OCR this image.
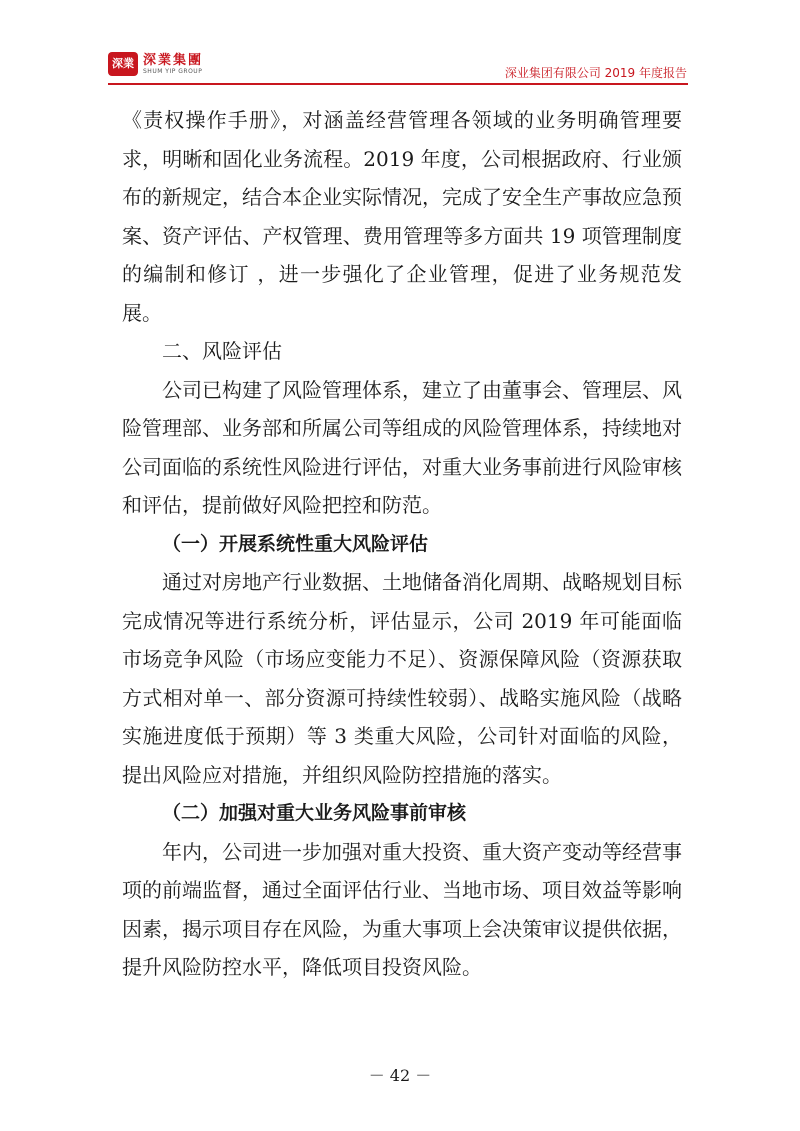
深業 深業集團
SHUM YIP GROUP	深业集团有限公司 2019 年度报告

《责权操作手册》，对涵盖经营管理各领域的业务明确管理要求，明晰和固化业务流程。2019 年度，公司根据政府、行业颁布的新规定，结合本企业实际情况，完成了安全生产事故应急预案、资产评估、产权管理、费用管理等多方面共 19 项管理制度的编制和修订 ，进一步强化了企业管理，促进了业务规范发展。

二、风险评估

公司已构建了风险管理体系，建立了由董事会、管理层、风险管理部、业务部和所属公司等组成的风险管理体系，持续地对公司面临的系统性风险进行评估，对重大业务事前进行风险审核和评估，提前做好风险把控和防范。

（一）开展系统性重大风险评估

通过对房地产行业数据、土地储备消化周期、战略规划目标完成情况等进行系统分析，评估显示，公司 2019 年可能面临市场竞争风险（市场应变能力不足）、资源保障风险（资源获取方式相对单一、部分资源可持续性较弱）、战略实施风险（战略实施进度低于预期）等 3 类重大风险，公司针对面临的风险，提出风险应对措施，并组织风险防控措施的落实。

（二）加强对重大业务风险事前审核

年内，公司进一步加强对重大投资、重大资产变动等经营事项的前端监督，通过全面评估行业、当地市场、项目效益等影响因素，揭示项目存在风险，为重大事项上会决策审议提供依据，提升风险防控水平，降低项目投资风险。

－ 42 －
